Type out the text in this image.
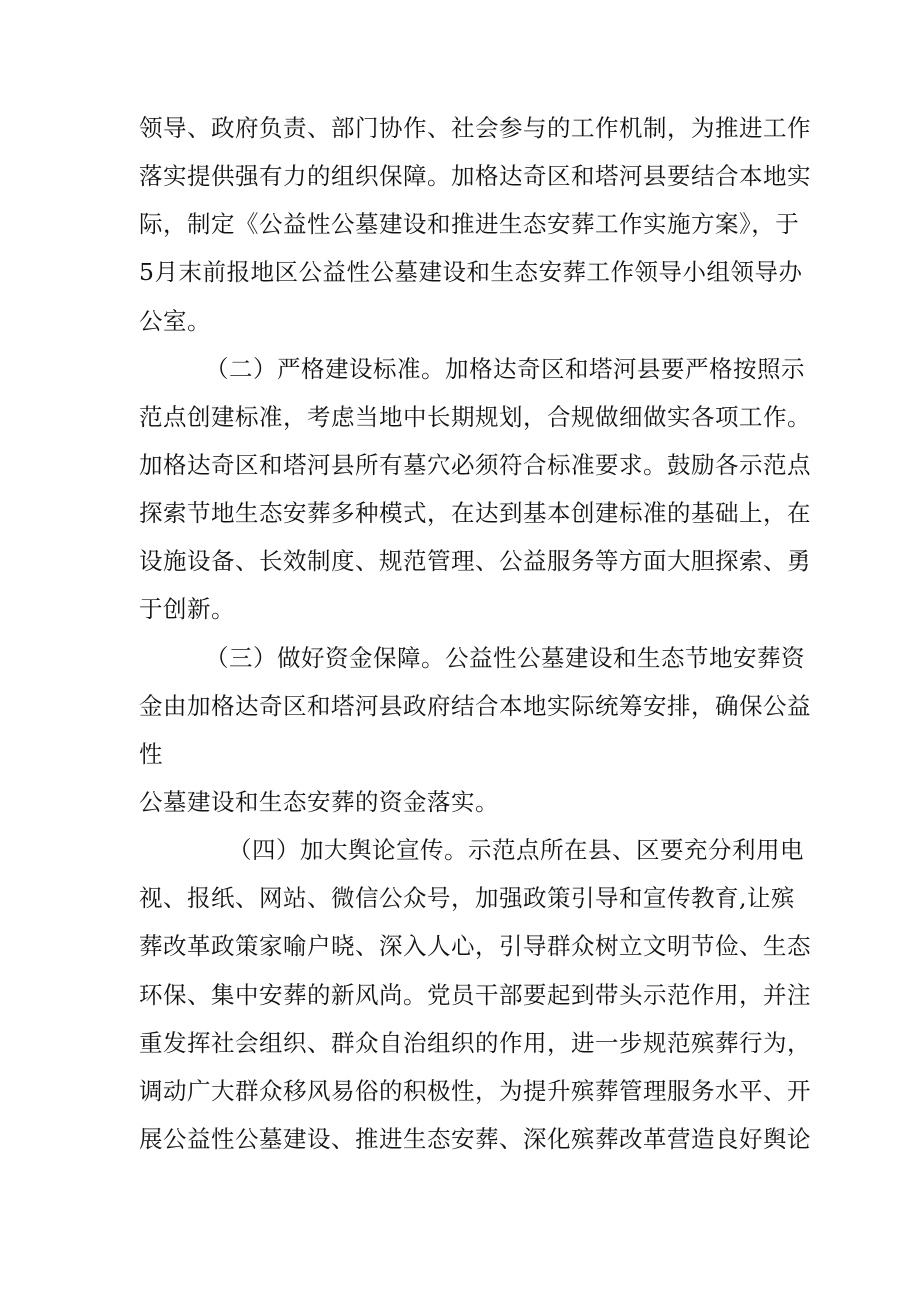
领导、政府负责、部门协作、社会参与的工作机制，为推进工作

落实提供强有力的组织保障。加格达奇区和塔河县要结合本地实

际，制定《公益性公墓建设和推进生态安葬工作实施方案》，于

5月末前报地区公益性公墓建设和生态安葬工作领导小组领导办

公室。

（二）严格建设标准。加格达奇区和塔河县要严格按照示

范点创建标准，考虑当地中长期规划，合规做细做实各项工作。

加格达奇区和塔河县所有墓穴必须符合标准要求。鼓励各示范点

探索节地生态安葬多种模式，在达到基本创建标准的基础上，在

设施设备、长效制度、规范管理、公益服务等方面大胆探索、勇

于创新。

（三）做好资金保障。公益性公墓建设和生态节地安葬资

金由加格达奇区和塔河县政府结合本地实际统筹安排，确保公益

性

公墓建设和生态安葬的资金落实。

（四）加大舆论宣传。示范点所在县、区要充分利用电

视、报纸、网站、微信公众号，加强政策引导和宣传教育,让殡

葬改革政策家喻户晓、深入人心，引导群众树立文明节俭、生态

环保、集中安葬的新风尚。党员干部要起到带头示范作用，并注

重发挥社会组织、群众自治组织的作用，进一步规范殡葬行为，

调动广大群众移风易俗的积极性，为提升殡葬管理服务水平、开

展公益性公墓建设、推进生态安葬、深化殡葬改革营造良好舆论
